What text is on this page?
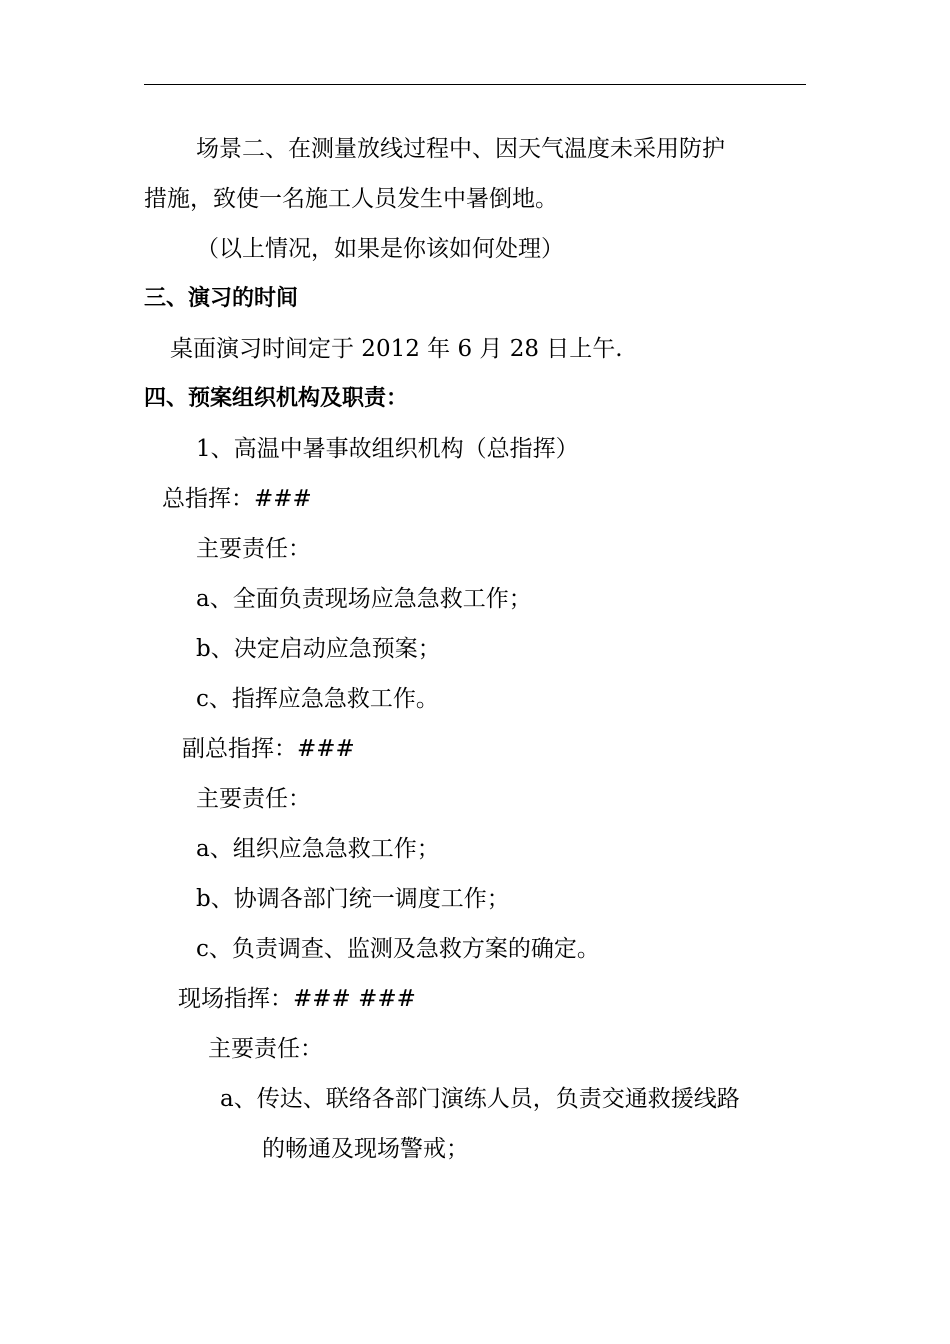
场景二、在测量放线过程中、因天气温度未采用防护
措施，致使一名施工人员发生中暑倒地。
（以上情况，如果是你该如何处理）
三、演习的时间
桌面演习时间定于 2012 年 6 月 28 日上午.
四、预案组织机构及职责：
1、高温中暑事故组织机构（总指挥）
总指挥：###
主要责任：
a、全面负责现场应急急救工作；
b、决定启动应急预案；
c、指挥应急急救工作。
副总指挥：###
主要责任：
a、组织应急急救工作；
b、协调各部门统一调度工作；
c、负责调查、监测及急救方案的确定。
现场指挥：### ###
主要责任：
a、传达、联络各部门演练人员，负责交通救援线路
的畅通及现场警戒；
